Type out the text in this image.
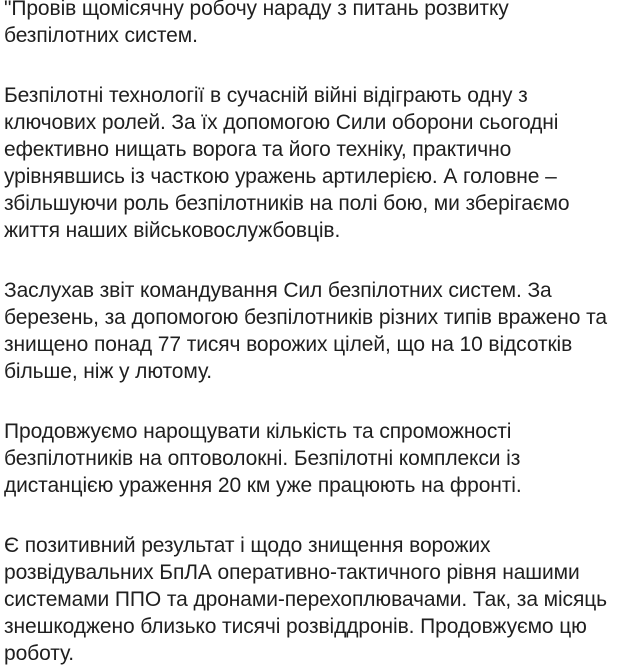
"Провів щомісячну робочу нараду з питань розвитку безпілотних систем.

Безпілотні технології в сучасній війні відіграють одну з ключових ролей. За їх допомогою Сили оборони сьогодні ефективно нищать ворога та його техніку, практично урівнявшись із часткою уражень артилерією. А головне – збільшуючи роль безпілотників на полі бою, ми зберігаємо життя наших військовослужбовців.

Заслухав звіт командування Сил безпілотних систем. За березень, за допомогою безпілотників різних типів вражено та знищено понад 77 тисяч ворожих цілей, що на 10 відсотків більше, ніж у лютому.

Продовжуємо нарощувати кількість та спроможності безпілотників на оптоволокні. Безпілотні комплекси із дистанцією ураження 20 км уже працюють на фронті.

Є позитивний результат і щодо знищення ворожих розвідувальних БпЛА оперативно-тактичного рівня нашими системами ППО та дронами-перехоплювачами. Так, за місяць знешкоджено близько тисячі розвіддронів. Продовжуємо цю роботу.
